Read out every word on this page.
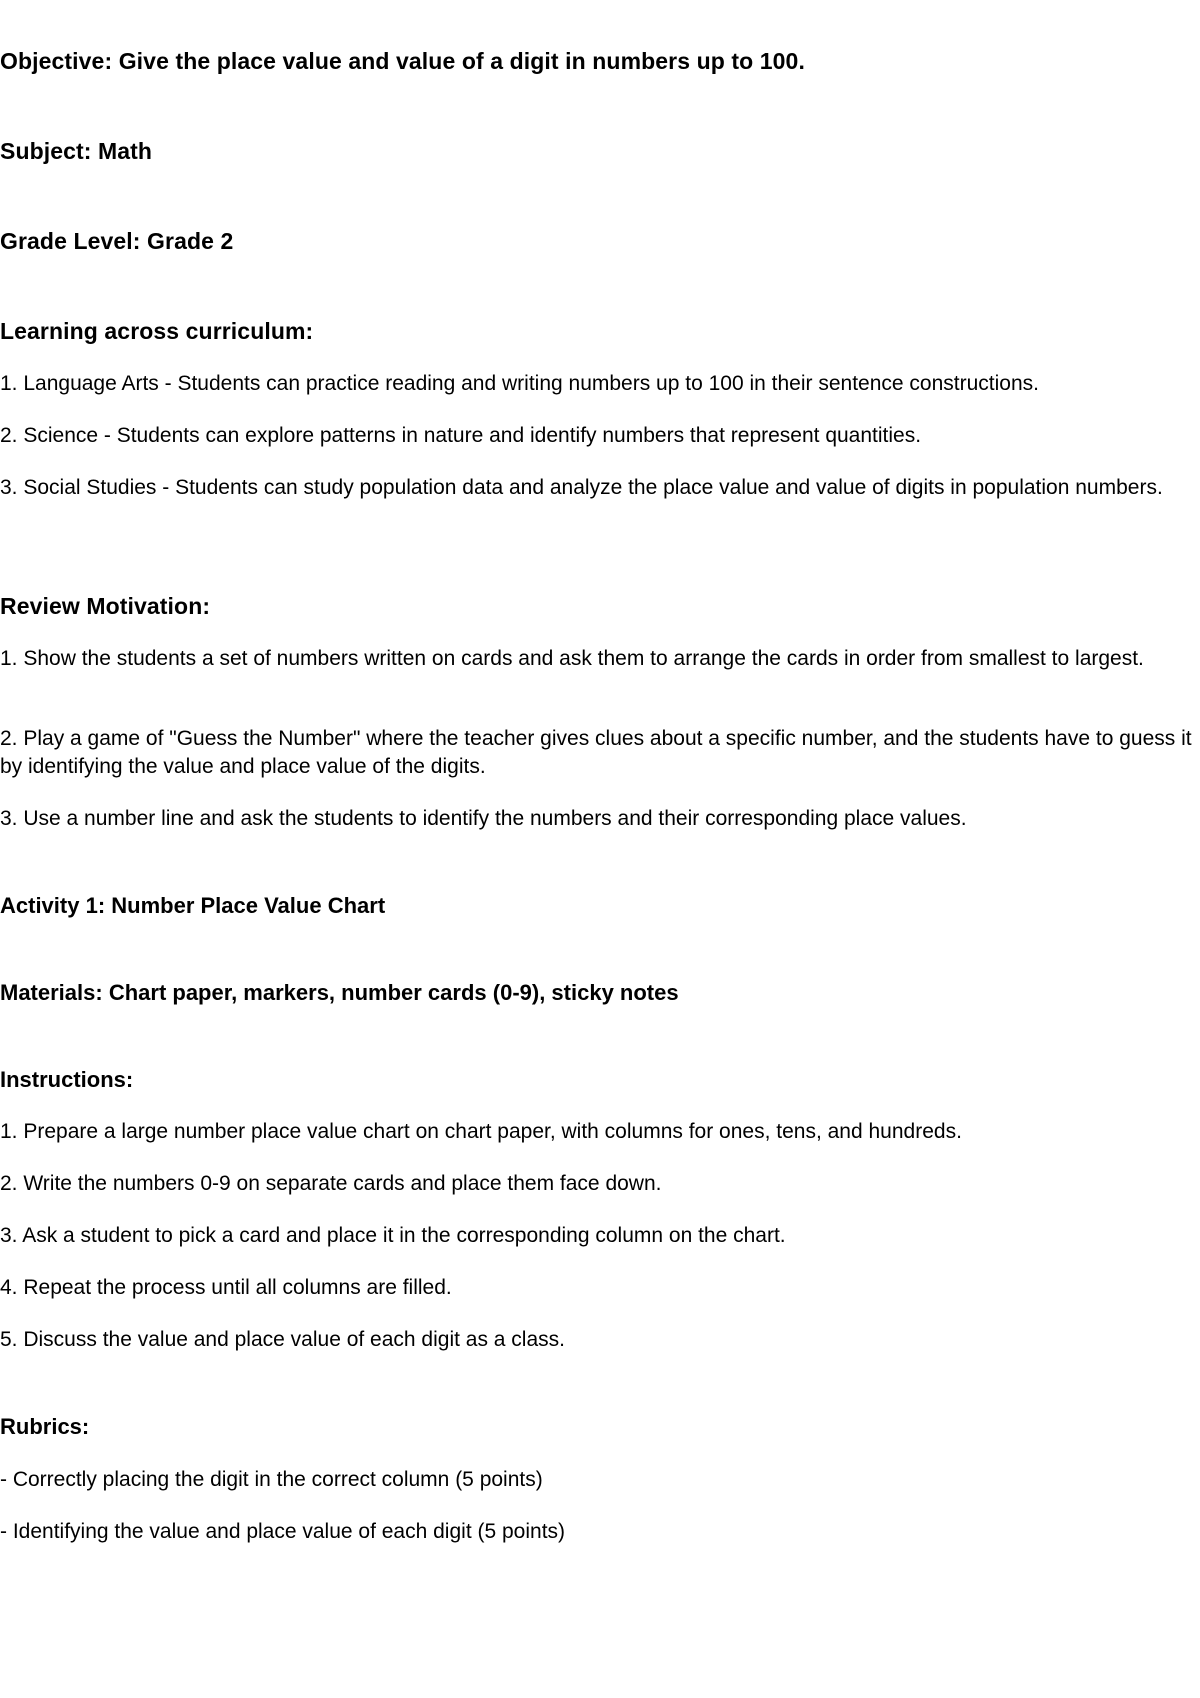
Objective: Give the place value and value of a digit in numbers up to 100.

Subject: Math

Grade Level: Grade 2

Learning across curriculum:

1. Language Arts - Students can practice reading and writing numbers up to 100 in their sentence constructions.

2. Science - Students can explore patterns in nature and identify numbers that represent quantities.

3. Social Studies - Students can study population data and analyze the place value and value of digits in population numbers.

Review Motivation:

1. Show the students a set of numbers written on cards and ask them to arrange the cards in order from smallest to largest.

2. Play a game of "Guess the Number" where the teacher gives clues about a specific number, and the students have to guess it by identifying the value and place value of the digits.

3. Use a number line and ask the students to identify the numbers and their corresponding place values.

Activity 1: Number Place Value Chart

Materials: Chart paper, markers, number cards (0-9), sticky notes

Instructions:

1. Prepare a large number place value chart on chart paper, with columns for ones, tens, and hundreds.

2. Write the numbers 0-9 on separate cards and place them face down.

3. Ask a student to pick a card and place it in the corresponding column on the chart.

4. Repeat the process until all columns are filled.

5. Discuss the value and place value of each digit as a class.

Rubrics:

- Correctly placing the digit in the correct column (5 points)

- Identifying the value and place value of each digit (5 points)
